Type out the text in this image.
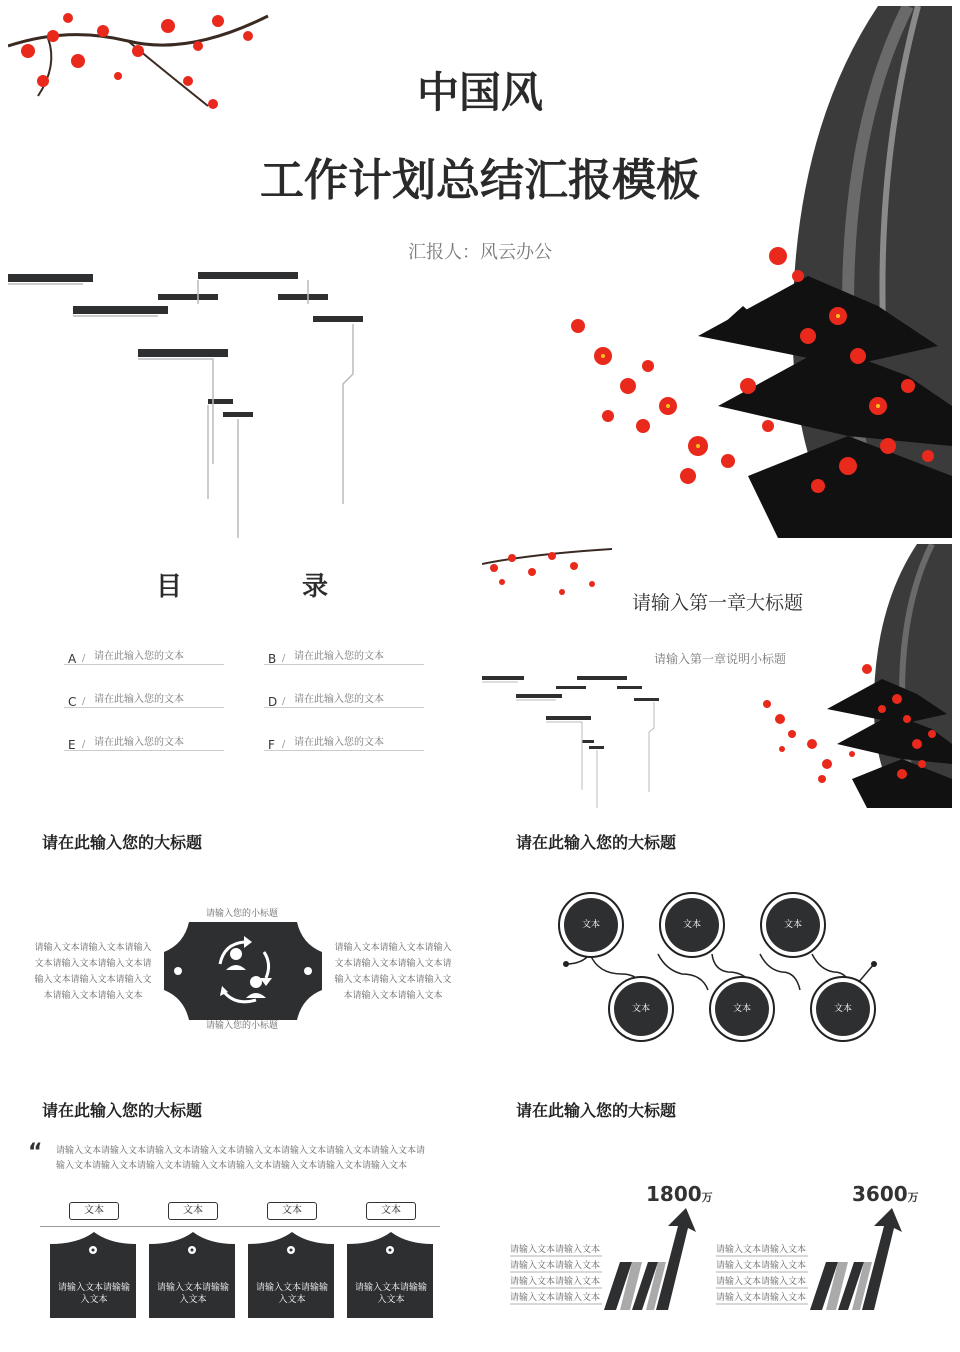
中国风
工作计划总结汇报模板
汇报人：风云办公
目	录
A / 请在此输入您的文本	B / 请在此输入您的文本
C / 请在此输入您的文本	D / 请在此输入您的文本
E / 请在此输入您的文本	F / 请在此输入您的文本
请输入第一章大标题
请输入第一章说明小标题
请在此输入您的大标题
请输入您的小标题
请输入文本请输入文本请输入文本请输入文本请输入文本请输入文本请输入文本请输入文本请输入文本请输入文本
请输入文本请输入文本请输入文本请输入文本请输入文本请输入文本请输入文本请输入文本请输入文本请输入文本
请输入您的小标题
请在此输入您的大标题
文本	文本	文本
文本	文本	文本
请在此输入您的大标题
“ 请输入文本请输入文本请输入文本请输入文本请输入文本请输入文本请输入文本请输入文本请输入文本请输入文本请输入文本请输入文本请输入文本请输入文本请输入文本请输入文本
文本	文本	文本	文本
请输入文本请输输入文本
请输入文本请输输入文本
请输入文本请输输入文本
请输入文本请输输入文本
请在此输入您的大标题
1800万	3600万
请输入文本请输入文本
请输入文本请输入文本
请输入文本请输入文本
请输入文本请输入文本
请输入文本请输入文本
请输入文本请输入文本
请输入文本请输入文本
请输入文本请输入文本
